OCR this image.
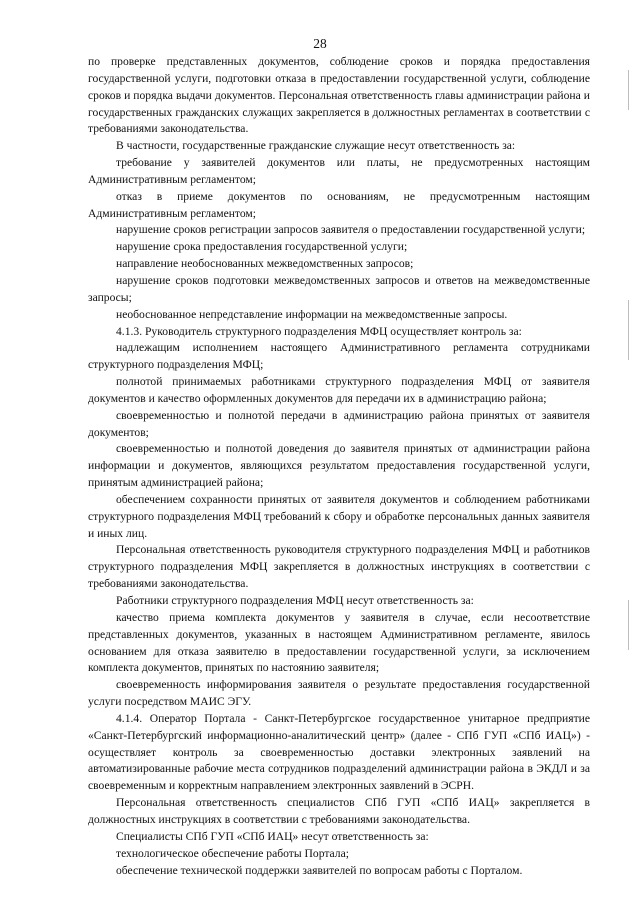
28

по проверке представленных документов, соблюдение сроков и порядка предоставления государственной услуги, подготовки отказа в предоставлении государственной услуги, соблюдение сроков и порядка выдачи документов. Персональная ответственность главы администрации района и государственных гражданских служащих закрепляется в должностных регламентах в соответствии с требованиями законодательства.

В частности, государственные гражданские служащие несут ответственность за:

требование у заявителей документов или платы, не предусмотренных настоящим Административным регламентом;

отказ в приеме документов по основаниям, не предусмотренным настоящим Административным регламентом;

нарушение сроков регистрации запросов заявителя о предоставлении государственной услуги;

нарушение срока предоставления государственной услуги;

направление необоснованных межведомственных запросов;

нарушение сроков подготовки межведомственных запросов и ответов на межведомственные запросы;

необоснованное непредставление информации на межведомственные запросы.

4.1.3. Руководитель структурного подразделения МФЦ осуществляет контроль за:

надлежащим исполнением настоящего Административного регламента сотрудниками структурного подразделения МФЦ;

полнотой принимаемых работниками структурного подразделения МФЦ от заявителя документов и качество оформленных документов для передачи их в администрацию района;

своевременностью и полнотой передачи в администрацию района принятых от заявителя документов;

своевременностью и полнотой доведения до заявителя принятых от администрации района информации и документов, являющихся результатом предоставления государственной услуги, принятым администрацией района;

обеспечением сохранности принятых от заявителя документов и соблюдением работниками структурного подразделения МФЦ требований к сбору и обработке персональных данных заявителя и иных лиц.

Персональная ответственность руководителя структурного подразделения МФЦ и работников структурного подразделения МФЦ закрепляется в должностных инструкциях в соответствии с требованиями законодательства.

Работники структурного подразделения МФЦ несут ответственность за:

качество приема комплекта документов у заявителя в случае, если несоответствие представленных документов, указанных в настоящем Административном регламенте, явилось основанием для отказа заявителю в предоставлении государственной услуги, за исключением комплекта документов, принятых по настоянию заявителя;

своевременность информирования заявителя о результате предоставления государственной услуги посредством МАИС ЭГУ.

4.1.4. Оператор Портала - Санкт-Петербургское государственное унитарное предприятие «Санкт-Петербургский информационно-аналитический центр» (далее - СПб ГУП «СПб ИАЦ») - осуществляет контроль за своевременностью доставки электронных заявлений на автоматизированные рабочие места сотрудников подразделений администрации района в ЭКДЛ и за своевременным и корректным направлением электронных заявлений в ЭСРН.

Персональная ответственность специалистов СПб ГУП «СПб ИАЦ» закрепляется в должностных инструкциях в соответствии с требованиями законодательства.

Специалисты СПб ГУП «СПб ИАЦ» несут ответственность за:

технологическое обеспечение работы Портала;

обеспечение технической поддержки заявителей по вопросам работы с Порталом.
